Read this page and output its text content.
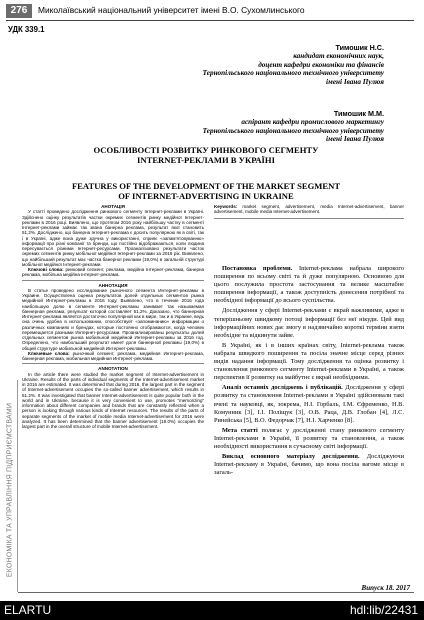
276	Миколаївський національний університет імені В.О. Сухомлинського
УДК 339.1
Тимошик Н.С.
кандидат економічних наук,
доцент кафедри економіки та фінансів
Тернопільського національного технічного університету
імені Івана Пулюя
Тимошик М.М.
аспірант кафедри промислового маркетингу
Тернопільського національного технічного університету
імені Івана Пулюя
ОСОБЛИВОСТІ РОЗВИТКУ РИНКОВОГО СЕГМЕНТУ
INTERNET-РЕКЛАМИ В УКРАЇНІ
FEATURES OF THE DEVELOPMENT OF THE MARKET SEGMENT
OF INTERNET-ADVERTISING IN UKRAINE

АНОТАЦІЯ

У статті проведено дослідження ринкового сегменту Інтернет-реклами в Україні. Здійснено оцінку результатів частки окремих сегментів ринку медійної Інтернет-реклами в 2016 році. Виявлено, що протягом 2016 року найбільшу частку в сегменті Інтернет-реклами займає так звана банерна реклама, результат якої становить 51,2%. Досліджено, що банерна Інтернет-реклама є досить популярною як в світі, так і в Україні, адже вона дуже зручна у використанні, сприяє «запам’ятовуванню» інформації про різні компанії та бренди, що постійно відображаються, коли людина пересувається різними Інтернет-ресурсами. Проаналізовано результати часток окремих сегментів ринку мобільної медійної Інтернет-реклами за 2016 рік. Виявлено, що найбільший результат має частка банерної реклами (19,0%) в загальній структурі мобільної медійної Інтернет-реклами.

Ключові слова: ринковий сегмент, реклама, медійна Інтернет-реклама, банерна реклама, мобільна медійна Інтернет-реклама.

АННОТАЦИЯ

В статье проведено исследование рыночного сегмента Интернет-рекламы в Украине. Осуществлена оценка результатов долей отдельных сегментов рынка медийной Интернет-рекламы в 2016 году. Выявлено, что в течение 2016 года наибольшую долю в сегменте Интернет-рекламы занимает так называемая баннерная реклама, результат которой составляет 51,2%. Доказано, что баннерная Интернет-реклама является достаточно популярной как в мире, так и в Украине, ведь она очень удобна в использовании, способствует «запоминанию» информации о различных компаниях и брендах, которые постоянно отображаются, когда человек перемещается разными Интернет-ресурсами. Проанализированы результаты долей отдельных сегментов рынка мобильной медийной Интернет-рекламы за 2016 год. Определено, что наибольший результат имеет доля баннерной рекламы (19,0%) в общей структуре мобильной медийной Интернет-рекламы.

Ключевые слова: рыночный сегмент, реклама, медийная Интернет-реклама, баннерная реклама, мобильная медийная Интернет-реклама.

ANNOTATION

In the article there were studied the market segment of Internet-advertisement in Ukraine. Results of the parts of individual segments of the Internet-advertisement market in 2016 are estimated. It was determined that during 2016, the largest part in the segment of Internet-advertisement occupies the so-called banner advertisement, which results in 51.2%. It was investigated that banner Internet-advertisement is quite popular both in the world and in Ukraine, because it is very convenient to use, promotes “memorizing” information about different companies and brands that are constantly reflected when a person is looking through various kinds of Internet resources. The results of the parts of separate segments of the market of mobile media Internet-advertisement for 2016 were analyzed. It has been determined that the banner advertisement (19.0%) occupies the largest part in the overall structure of mobile Internet-advertisement.

Keywords: market segment, advertisement, media Internet-advertisement, banner advertisement, mobile media Internet-advertisement.

Постановка проблеми. Internet-реклама набрала широкого поширення по всьому світі та й дуже популярною. Основною для цього послужила простота застосування та велике масштабне поширення інформації, а також доступність донесення потрібної та необхідної інформації до всього суспільства.

Дослідження у сфері Internet-реклами є вкрай важливими, адже в теперішньому швидкому потоці інформації без неї нікуди. Цей вид інформаційних нових дає змогу в надзвичайно короткі терміни взяти необхідне та відкинути зайве.

В Україні, як і в інших країнах світу, Internet-реклама також набрала швидкого поширення та посіла значне місце серед різних видів надання інформації. Тому дослідження та оцінка розвитку і становлення ринкового сегменту Internet-реклами в Україні, а також перспектив її розвитку на майбутнє є вкрай необхідними.

Аналіз останніх досліджень і публікацій. Дослідження у сфері розвитку та становлення Internet-реклами в Україні здійснювали такі вчені та науковці, як, зокрема, Н.І. Горбаль, І.М. Єфременко, Н.В. Комунник [3], І.І. Поліщук [3], О.В. Раца, Д.В. Глобан [4], Л.С. Ринейська [5], В.О. Федорчак [7], Н.І. Харченко [8].

Мета статті полягає у дослідженні стану ринкового сегменту Internet-реклами в Україні, її розвитку та становлення, а також необхідності використання в сучасному світі інформації.

Виклад основного матеріалу дослідження. Досліджуючи Internet-рекламу в Україні, бачимо, що вона посіла вагоме місце в загаль-

ЕКОНОМІКА ТА УПРАВЛІННЯ ПІДПРИЄМСТВАМИ
Випуск 18. 2017
ELARTU	hdl:lib/22431
